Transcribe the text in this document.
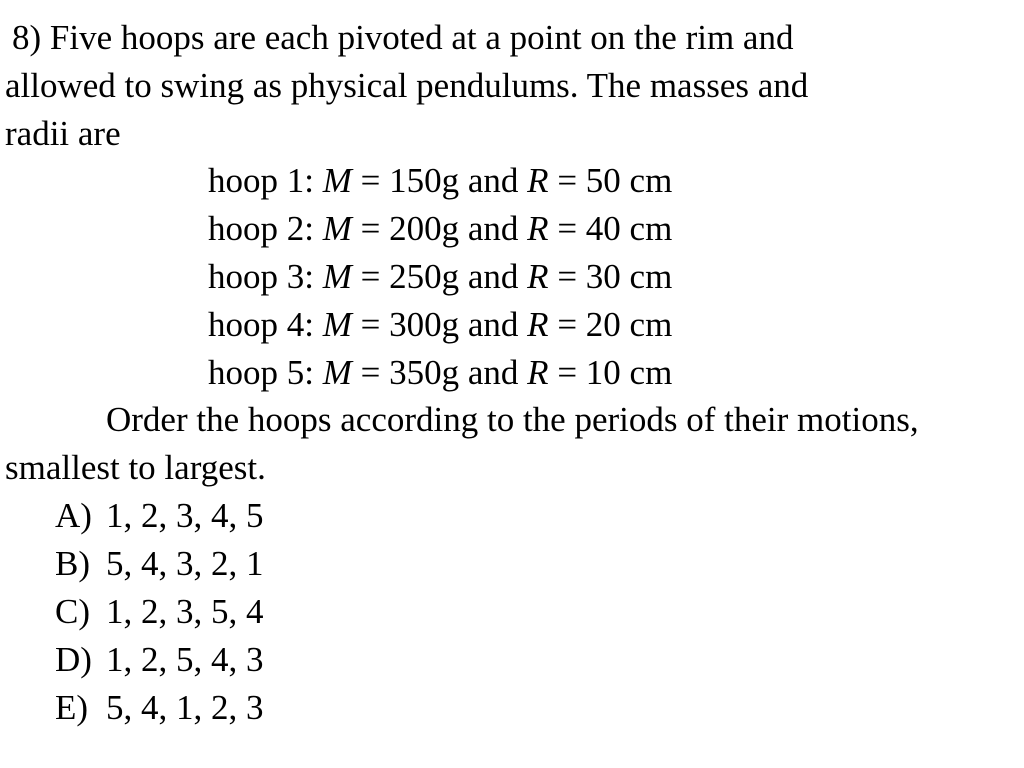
8) Five hoops are each pivoted at a point on the rim and
allowed to swing as physical pendulums. The masses and
radii are
hoop 1: M = 150g and R = 50 cm
hoop 2: M = 200g and R = 40 cm
hoop 3: M = 250g and R = 30 cm
hoop 4: M = 300g and R = 20 cm
hoop 5: M = 350g and R = 10 cm
Order the hoops according to the periods of their motions,
smallest to largest.
A) 1, 2, 3, 4, 5
B) 5, 4, 3, 2, 1
C) 1, 2, 3, 5, 4
D) 1, 2, 5, 4, 3
E) 5, 4, 1, 2, 3
